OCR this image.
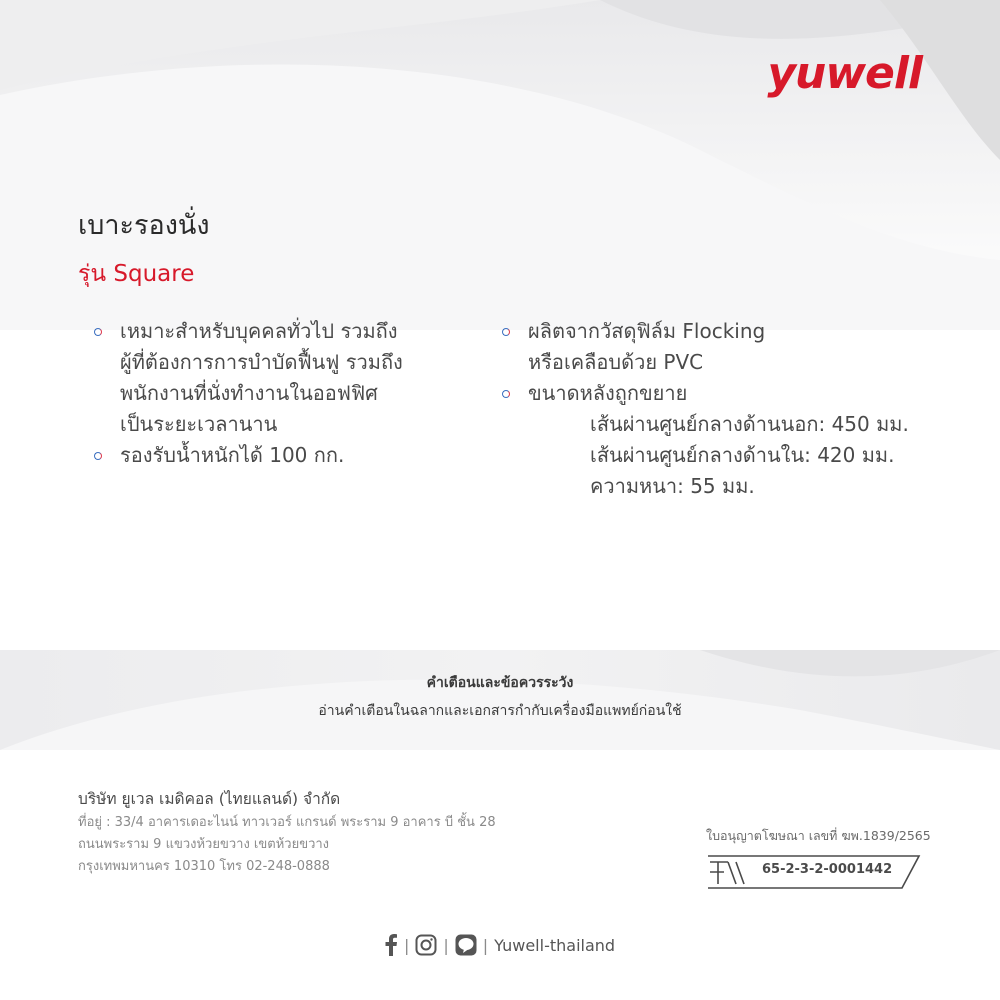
yuwell
เบาะรองนั่ง
รุ่น Square
เหมาะสำหรับบุคคลทั่วไป รวมถึง
ผู้ที่ต้องการการบำบัดฟื้นฟู รวมถึง
พนักงานที่นั่งทำงานในออฟฟิศ
เป็นระยะเวลานาน
รองรับน้ำหนักได้ 100 กก.
ผลิตจากวัสดุฟิล์ม Flocking
หรือเคลือบด้วย PVC
ขนาดหลังถูกขยาย
เส้นผ่านศูนย์กลางด้านนอก: 450 มม.
เส้นผ่านศูนย์กลางด้านใน: 420 มม.
ความหนา: 55 มม.
คำเตือนและข้อควรระวัง
อ่านคำเตือนในฉลากและเอกสารกำกับเครื่องมือแพทย์ก่อนใช้
บริษัท ยูเวล เมดิคอล (ไทยแลนด์) จำกัด
ที่อยู่ : 33/4 อาคารเดอะไนน์ ทาวเวอร์ แกรนด์ พระราม 9 อาคาร บี ชั้น 28
ถนนพระราม 9 แขวงห้วยขวาง เขตห้วยขวาง
กรุงเทพมหานคร 10310 โทร 02-248-0888
ใบอนุญาตโฆษณา เลขที่ ฆพ.1839/2565
65-2-3-2-0001442
| | | Yuwell-thailand
